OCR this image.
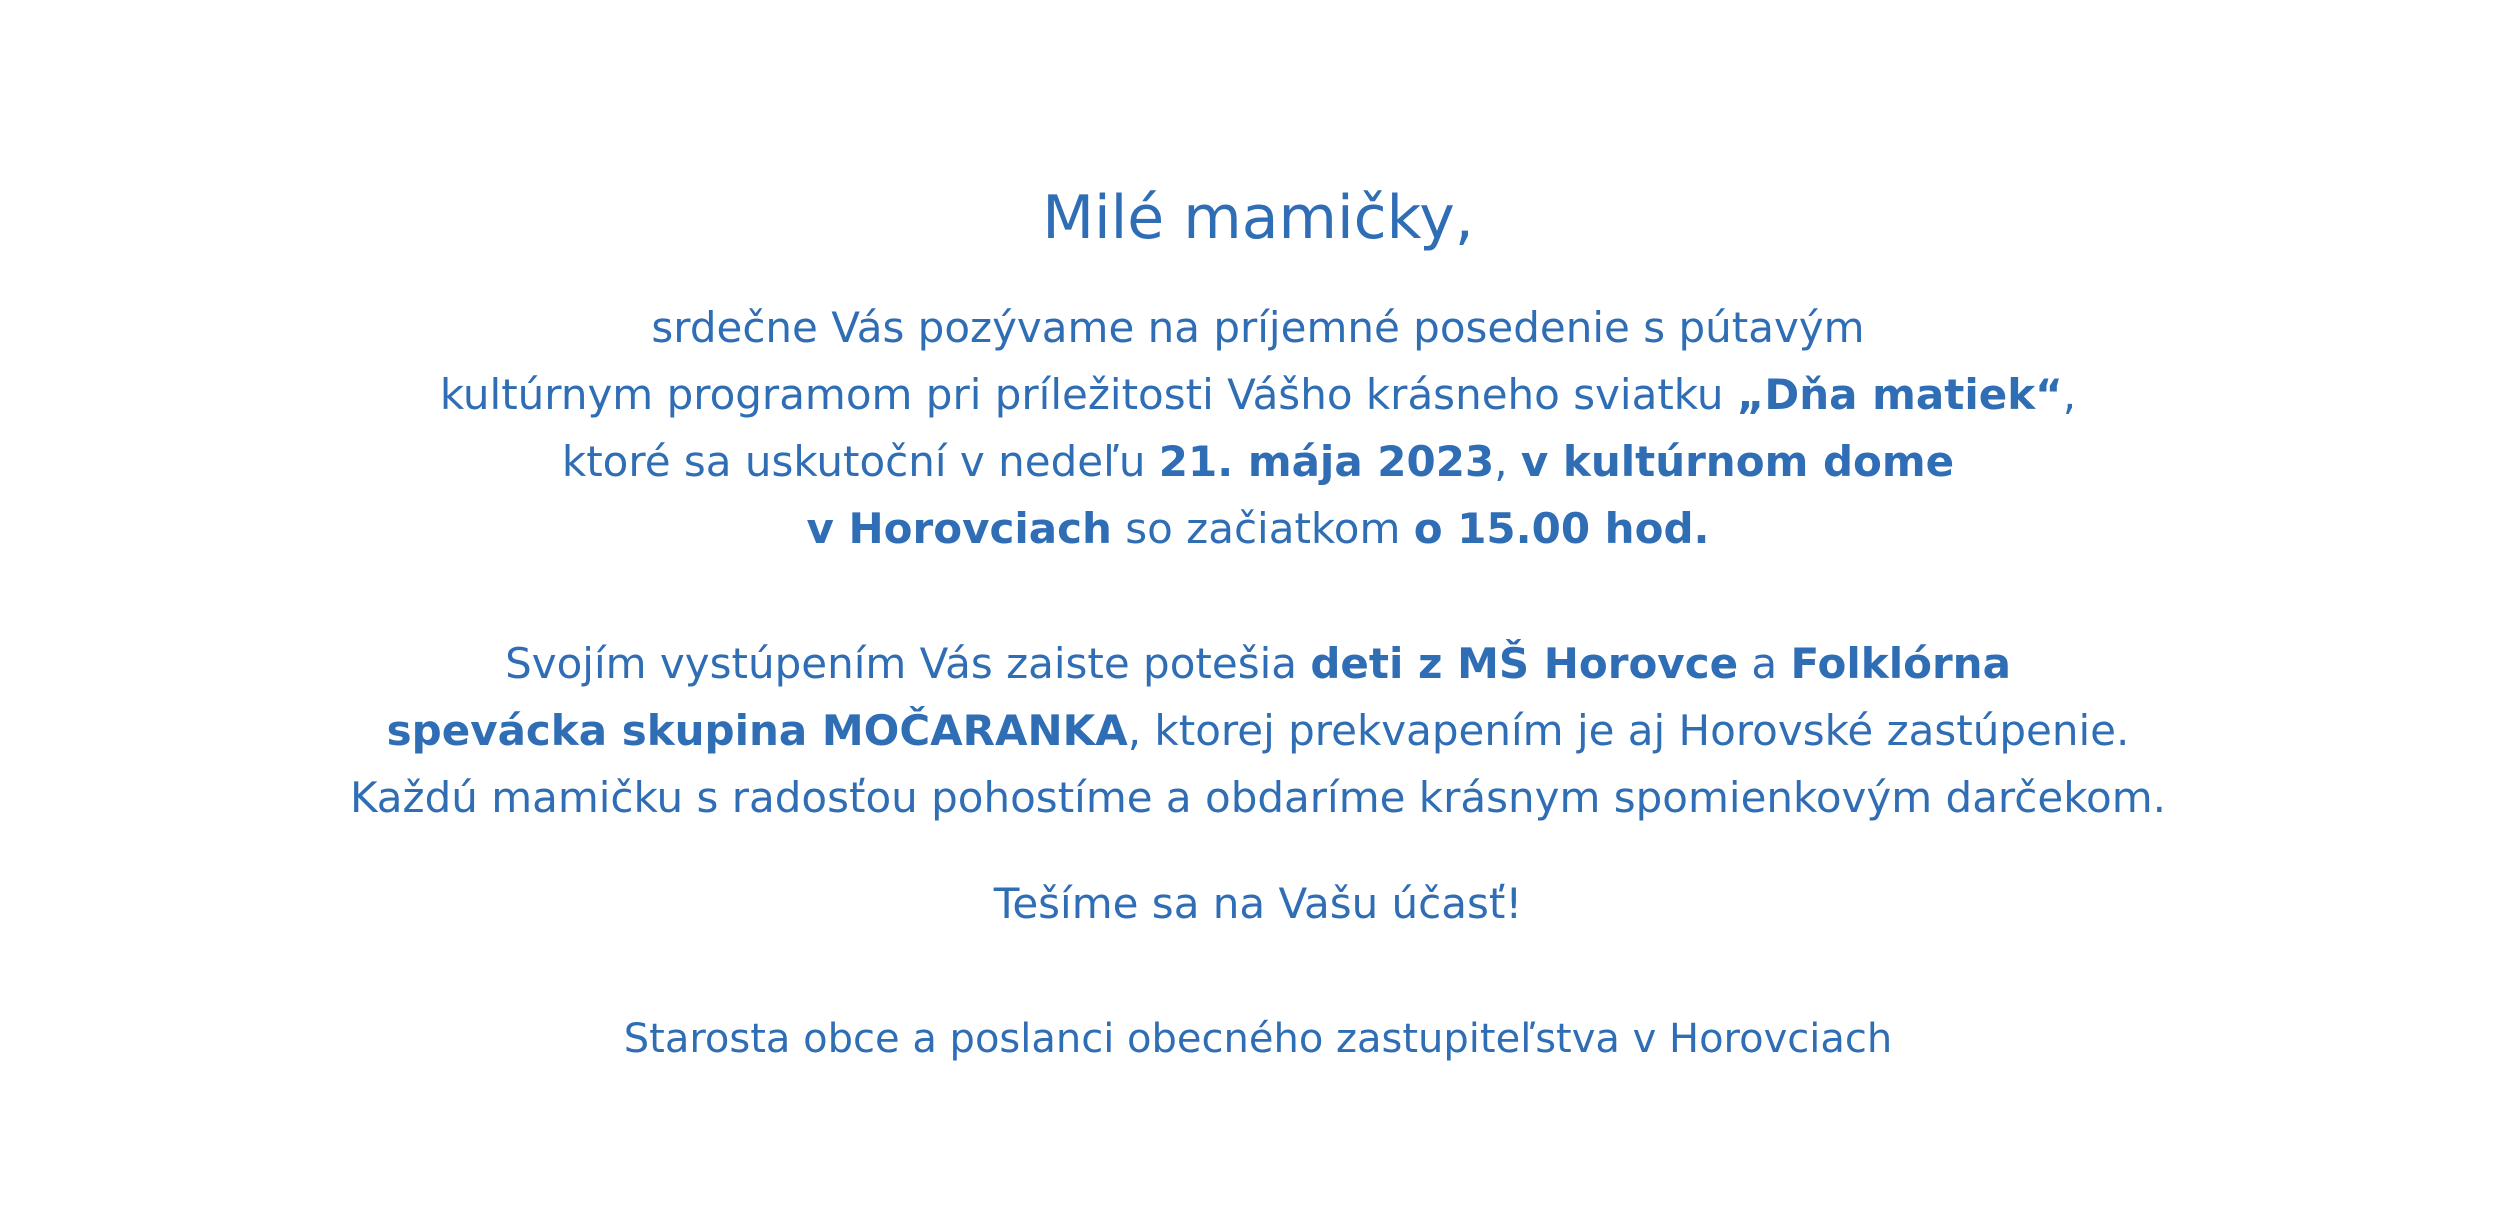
Milé mamičky,

srdečne Vás pozývame na príjemné posedenie s pútavým
kultúrnym programom pri príležitosti Vášho krásneho sviatku „Dňa matiek“,
ktoré sa uskutoční v nedeľu 21. mája 2023, v kultúrnom dome
v Horovciach so začiatkom o 15.00 hod.

Svojím vystúpením Vás zaiste potešia deti z MŠ Horovce a Folklórna
spevácka skupina MOČARANKA, ktorej prekvapením je aj Horovské zastúpenie.
Každú mamičku s radosťou pohostíme a obdaríme krásnym spomienkovým darčekom.

Tešíme sa na Vašu účasť!

Starosta obce a poslanci obecného zastupiteľstva v Horovciach
